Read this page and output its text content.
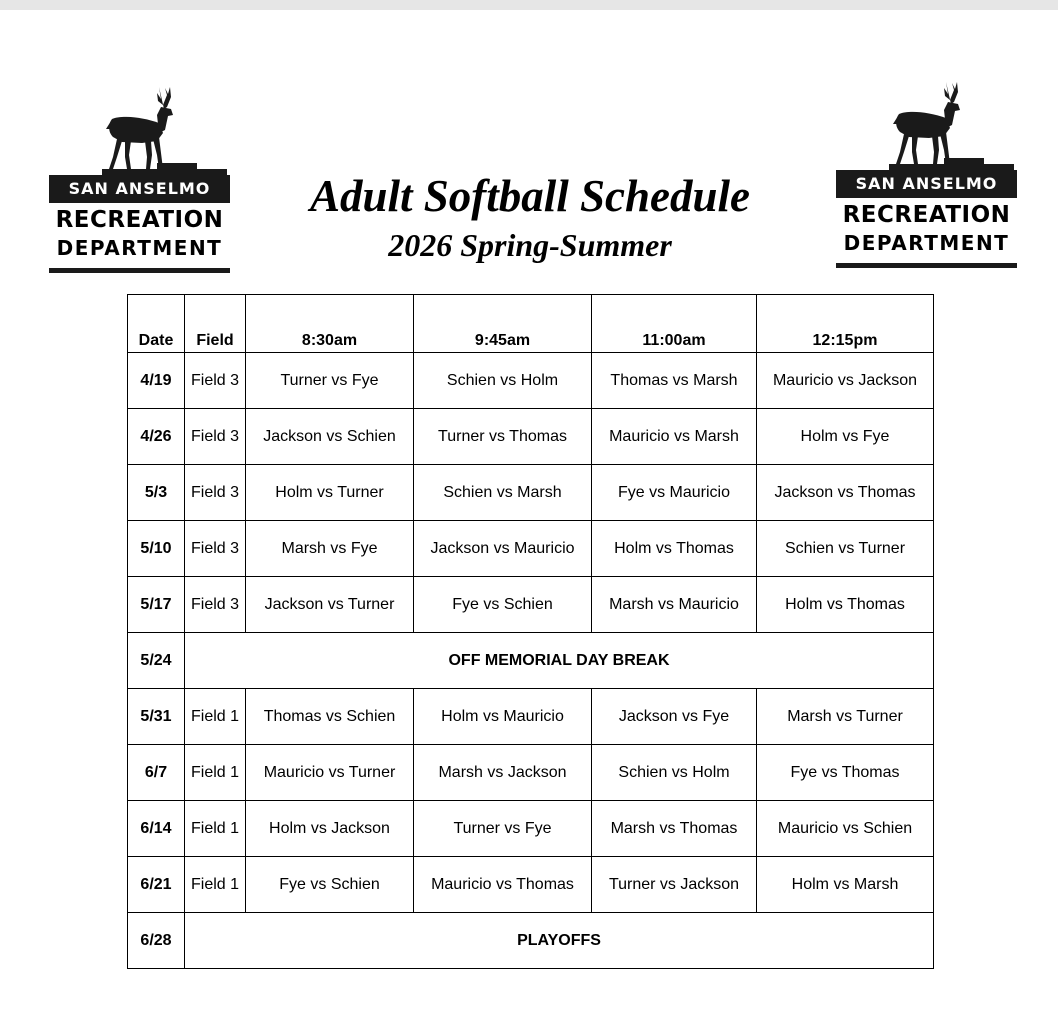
SAN ANSELMO
RECREATION
DEPARTMENT
SAN ANSELMO
RECREATION
DEPARTMENT
Adult Softball Schedule
2026 Spring-Summer
Date	Field	8:30am	9:45am	11:00am	12:15pm
4/19	Field 3	Turner vs Fye	Schien vs Holm	Thomas vs Marsh	Mauricio vs Jackson
4/26	Field 3	Jackson vs Schien	Turner vs Thomas	Mauricio vs Marsh	Holm vs Fye
5/3	Field 3	Holm vs Turner	Schien vs Marsh	Fye vs Mauricio	Jackson vs Thomas
5/10	Field 3	Marsh vs Fye	Jackson vs Mauricio	Holm vs Thomas	Schien vs Turner
5/17	Field 3	Jackson vs Turner	Fye vs Schien	Marsh vs Mauricio	Holm vs Thomas
5/24	OFF MEMORIAL DAY BREAK				
5/31	Field 1	Thomas vs Schien	Holm vs Mauricio	Jackson vs Fye	Marsh vs Turner
6/7	Field 1	Mauricio vs Turner	Marsh vs Jackson	Schien vs Holm	Fye vs Thomas
6/14	Field 1	Holm vs Jackson	Turner vs Fye	Marsh vs Thomas	Mauricio vs Schien
6/21	Field 1	Fye vs Schien	Mauricio vs Thomas	Turner vs Jackson	Holm vs Marsh
6/28	PLAYOFFS				
